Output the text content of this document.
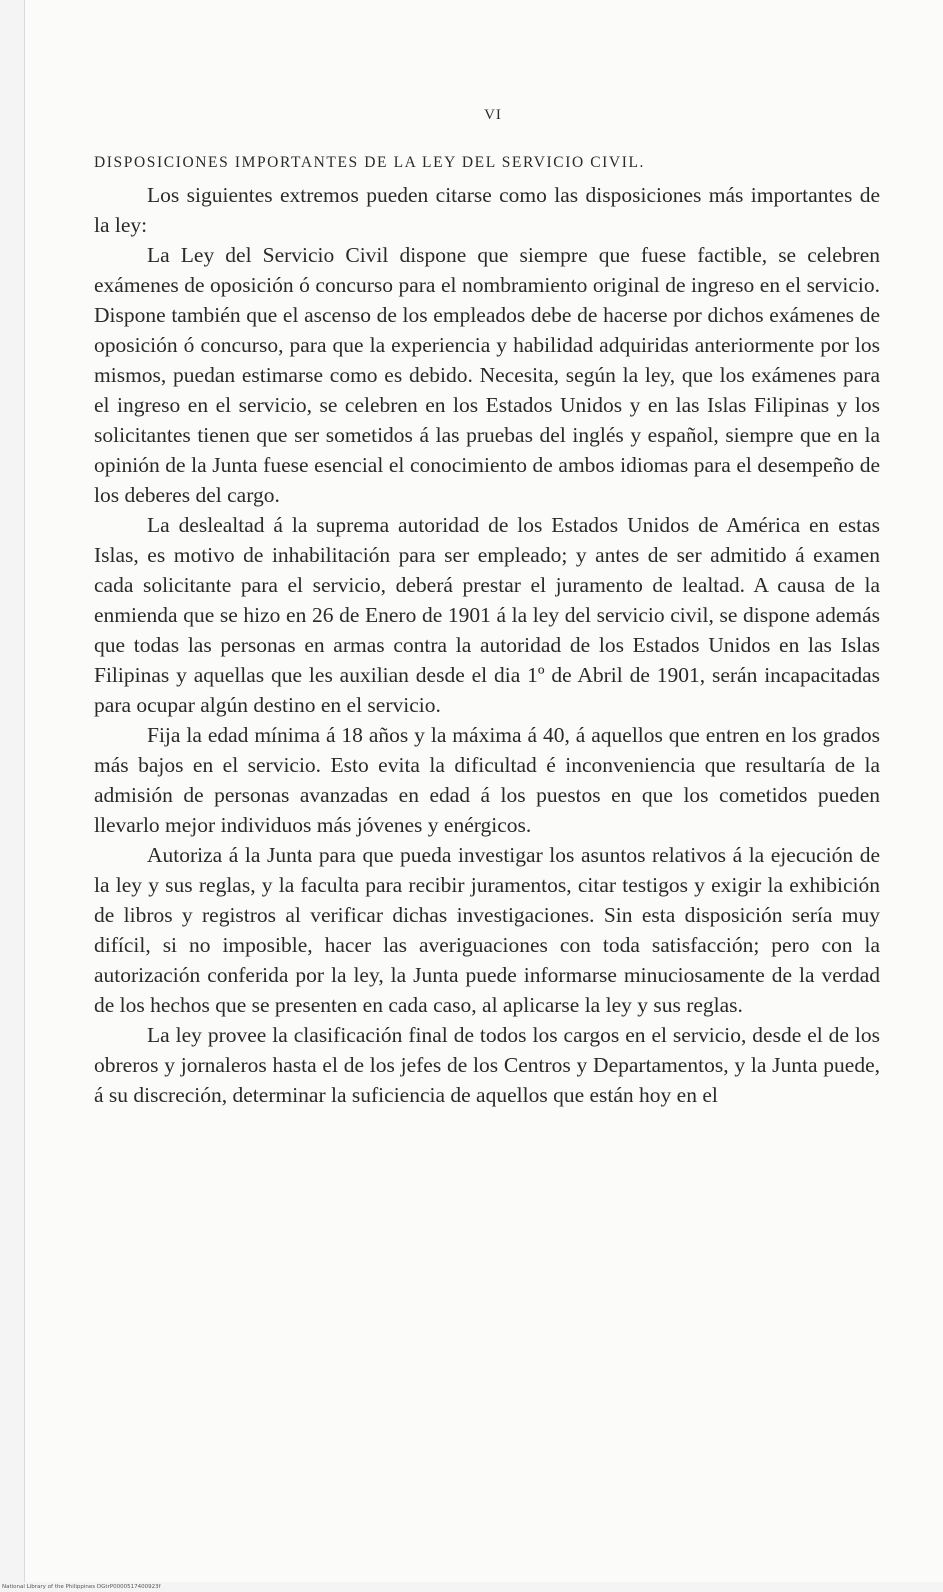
VI
DISPOSICIONES IMPORTANTES DE LA LEY DEL SERVICIO CIVIL.

Los siguientes extremos pueden citarse como las disposiciones más importantes de la ley:

La Ley del Servicio Civil dispone que siempre que fuese factible, se celebren exámenes de oposición ó concurso para el nombramiento original de ingreso en el servicio. Dispone también que el ascenso de los empleados debe de hacerse por dichos exámenes de oposición ó concurso, para que la experiencia y habilidad adquiridas anteriormente por los mismos, puedan estimarse como es debido. Necesita, según la ley, que los exámenes para el ingreso en el servicio, se celebren en los Estados Unidos y en las Islas Filipinas y los solicitantes tienen que ser sometidos á las pruebas del inglés y español, siempre que en la opinión de la Junta fuese esencial el conocimiento de ambos idiomas para el desempeño de los deberes del cargo.

La deslealtad á la suprema autoridad de los Estados Unidos de América en estas Islas, es motivo de inhabilitación para ser empleado; y antes de ser admitido á examen cada solicitante para el servicio, deberá prestar el juramento de lealtad. A causa de la enmienda que se hizo en 26 de Enero de 1901 á la ley del servicio civil, se dispone además que todas las personas en armas contra la autoridad de los Estados Unidos en las Islas Filipinas y aquellas que les auxilian desde el dia 1º de Abril de 1901, serán incapacitadas para ocupar algún destino en el servicio.

Fija la edad mínima á 18 años y la máxima á 40, á aquellos que entren en los grados más bajos en el servicio. Esto evita la dificultad é inconveniencia que resultaría de la admisión de personas avanzadas en edad á los puestos en que los cometidos pueden llevarlo mejor individuos más jóvenes y enérgicos.

Autoriza á la Junta para que pueda investigar los asuntos relativos á la ejecución de la ley y sus reglas, y la faculta para recibir juramentos, citar testigos y exigir la exhibición de libros y registros al verificar dichas investigaciones. Sin esta disposición sería muy difícil, si no imposible, hacer las averiguaciones con toda satisfacción; pero con la autorización conferida por la ley, la Junta puede informarse minuciosamente de la verdad de los hechos que se presenten en cada caso, al aplicarse la ley y sus reglas.

La ley provee la clasificación final de todos los cargos en el servicio, desde el de los obreros y jornaleros hasta el de los jefes de los Centros y Departamentos, y la Junta puede, á su discreción, determinar la suficiencia de aquellos que están hoy en el

National Library of the Philippines DGtrP0000517400923f
